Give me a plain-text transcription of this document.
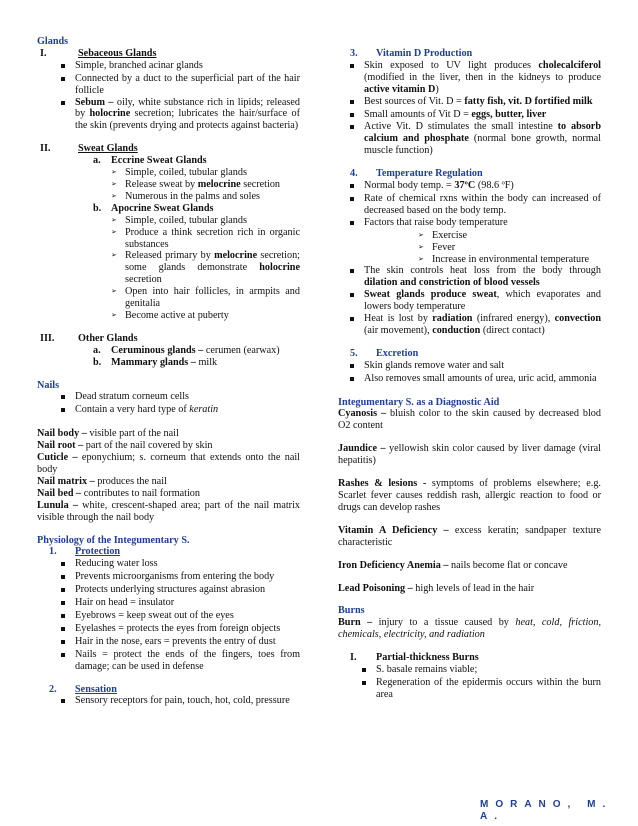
Glands
I.	Sebaceous Glands
Simple, branched acinar glands
Connected by a duct to the superficial part of the hair follicle
Sebum – oily, white substance rich in lipids; released by holocrine secretion; lubricates the hair/surface of the skin (prevents drying and protects against bacteria)
II.	Sweat Glands
a.	Eccrine Sweat Glands
➢ Simple, coiled, tubular glands
➢ Release sweat by melocrine secretion
➢ Numerous in the palms and soles
b. Apocrine Sweat Glands
➢ Simple, coiled, tubular glands
➢ Produce a think secretion rich in organic substances
➢ Released primary by melocrine secretion; some glands demonstrate holocrine secretion
➢ Open into hair follicles, in armpits and genitalia
➢ Become active at puberty
III.	Other Glands
a.	Ceruminous glands – cerumen (earwax)
b. Mammary glands – milk
Nails
Dead stratum corneum cells
Contain a very hard type of keratin

Nail body – visible part of the nail

Nail root – part of the nail covered by skin

Cuticle – eponychium; s. corneum that extends onto the nail body

Nail matrix – produces the nail

Nail bed – contributes to nail formation

Lunula – white, crescent-shaped area; part of the nail matrix visible through the nail body

Physiology of the Integumentary S.
1.	Protection
Reducing water loss
Prevents microorganisms from entering the body
Protects underlying structures against abrasion
Hair on head = insulator
Eyebrows = keep sweat out of the eyes
Eyelashes = protects the eyes from foreign objects
Hair in the nose, ears = prevents the entry of dust
Nails = protect the ends of the fingers, toes from damage; can be used in defense
2.	Sensation
Sensory receptors for pain, touch, hot, cold, pressure
3.	Vitamin D Production
Skin exposed to UV light produces cholecalciferol (modified in the liver, then in the kidneys to produce active vitamin D)
Best sources of Vit. D = fatty fish, vit. D fortified milk
Small amounts of Vit D = eggs, butter, liver
Active Vit. D stimulates the small intestine to absorb calcium and phosphate (normal bone growth, normal muscle function)
4.	Temperature Regulation
Normal body temp. = 37ºC (98.6 ºF)
Rate of chemical rxns within the body can increased of decreased based on the body temp.
Factors that raise body temperature
➢ Exercise
➢ Fever
➢ Increase in environmental temperature
The skin controls heat loss from the body through dilation and constriction of blood vessels
Sweat glands produce sweat, which evaporates and lowers body temperature
Heat is lost by radiation (infrared energy), convection (air movement), conduction (direct contact)
5.	Excretion
Skin glands remove water and salt
Also removes small amounts of urea, uric acid, ammonia
Integumentary S. as a Diagnostic Aid

Cyanosis – bluish color to the skin caused by decreased blod O2 content

Jaundice – yellowish skin color caused by liver damage (viral hepatitis)

Rashes & lesions - symptoms of problems elsewhere; e.g. Scarlet fever causes reddish rash, allergic reaction to food or drugs can develop rashes

Vitamin A Deficiency – excess keratin; sandpaper texture characteristic

Iron Deficiency Anemia – nails become flat or concave

Lead Poisoning – high levels of lead in the hair

Burns

Burn – injury to a tissue caused by heat, cold, friction, chemicals, electricity, and radiation

I.	Partial-thickness Burns
S. basale remains viable;
Regeneration of the epidermis occurs within the burn area
MORANO, M. A.
